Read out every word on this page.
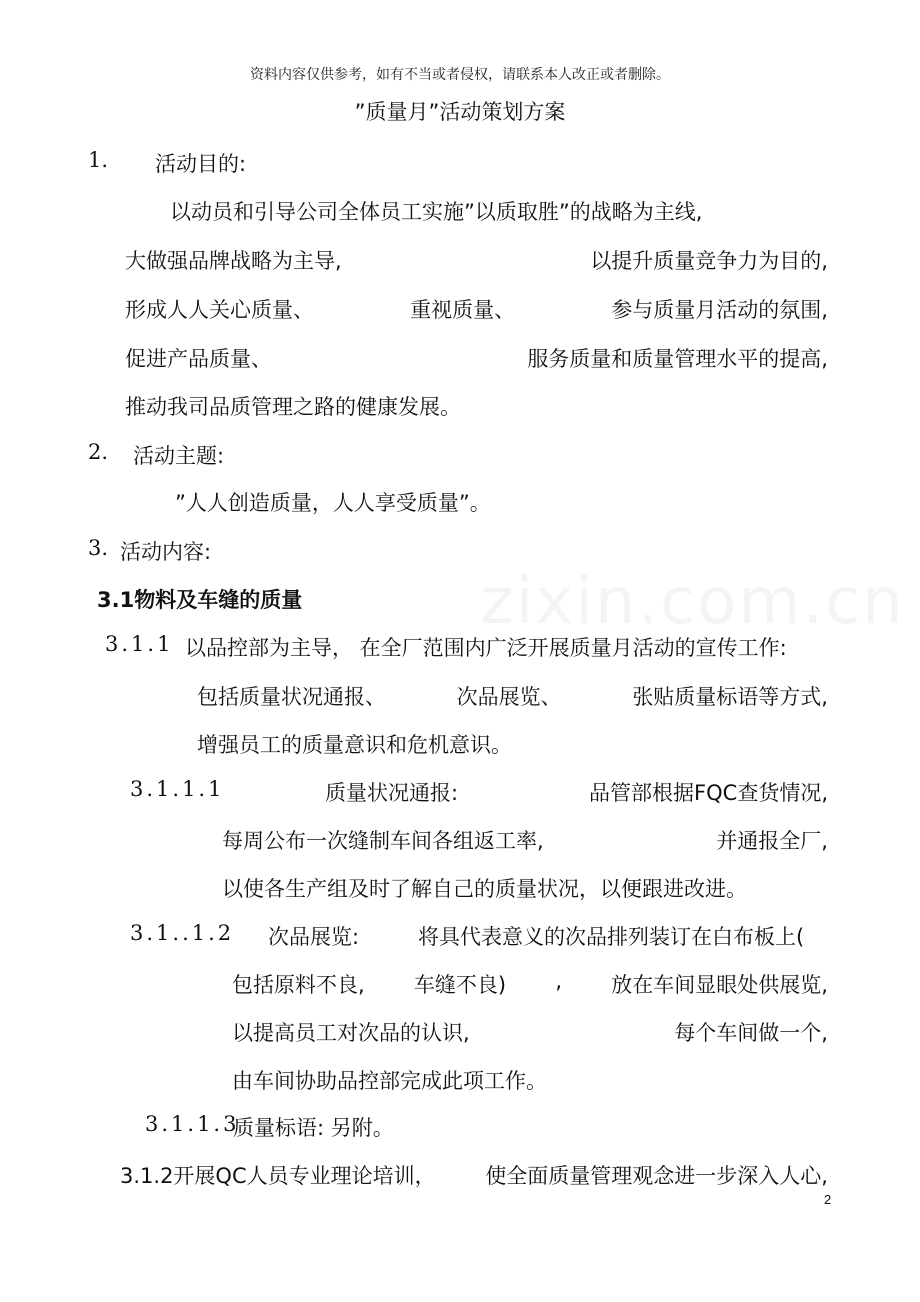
资料内容仅供参考，如有不当或者侵权，请联系本人改正或者删除。
”质量月”活动策划方案
1. 活动目的:
以动员和引导公司全体员工实施”以质取胜”的战略为主线,
大做强品牌战略为主导,	以提升质量竞争力为目的,
形成人人关心质量、	重视质量、	参与质量月活动的氛围,
促进产品质量、	服务质量和质量管理水平的提高,
推动我司品质管理之路的健康发展。
2. 活动主题:
”人人创造质量，人人享受质量”。
3. 活动内容:
3.1物料及车缝的质量
3.1.1 以品控部为主导， 在全厂范围内广泛开展质量月活动的宣传工作:
包括质量状况通报、	次品展览、	张贴质量标语等方式,
增强员工的质量意识和危机意识。
3.1.1.1	质量状况通报:	品管部根据FQC查货情况,
每周公布一次缝制车间各组返工率,	并通报全厂,
以使各生产组及时了解自己的质量状况，以便跟进改进。
3.1..1.2 次品展览:	将具代表意义的次品排列装订在白布板上(
包括原料不良, 车缝不良) , 放在车间显眼处供展览,
以提高员工对次品的认识,	每个车间做一个,
由车间协助品控部完成此项工作。
3.1.1.3
质量标语: 另附。
3.1.2开展QC人员专业理论培训， 使全面质量管理观念进一步深入人心,
2
